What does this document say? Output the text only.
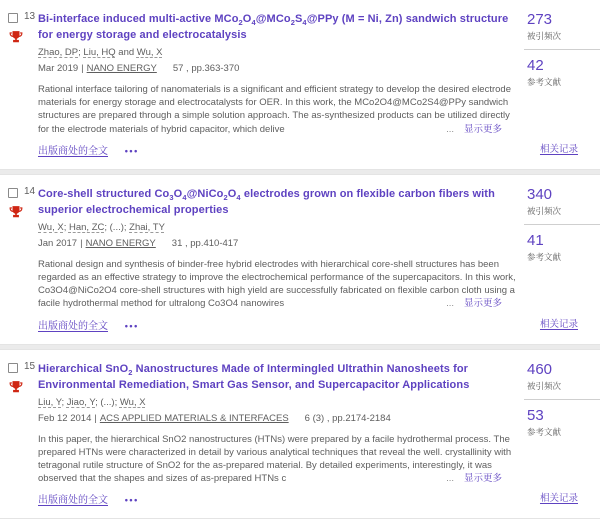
13 Bi-interface induced multi-active $MCo_2O_4@MCo_2S_4@PPy$ (M = Ni, Zn) sandwich structure for energy storage and electrocatalysis
Zhao, DP; Liu, HQ and Wu, X
Mar 2019 | NANO ENERGY 57 , pp.363-370
Rational interface tailoring of nanomaterials is a significant and efficient strategy to develop the desired electrode materials for energy storage and electrocatalysts for OER. In this work, the MCo2O4@MCo2S4@PPy sandwich structures are prepared through a simple solution approach. The as-synthesized products can be utilized directly for the electrode materials of hybrid capacitor, which delive	... 显示更多
出版商处的全文 •••
273
被引频次
42
参考文献
相关记录
14 Core-shell structured $Co_3O_4@NiCo_2O_4$ electrodes grown on flexible carbon fibers with superior electrochemical properties
Wu, X; Han, ZC; (...); Zhai, TY
Jan 2017 | NANO ENERGY 31 , pp.410-417
Rational design and synthesis of binder-free hybrid electrodes with hierarchical core-shell structures has been regarded as an effective strategy to improve the electrochemical performance of the supercapacitors. In this work, Co3O4@NiCo2O4 core-shell structures with high yield are successfully fabricated on flexible carbon cloth using a facile hydrothermal method for ultralong Co3O4 nanowires	... 显示更多
出版商处的全文 •••
340
被引频次
41
参考文献
相关记录
15 Hierarchical SnO$_2$ Nanostructures Made of Intermingled Ultrathin Nanosheets for Environmental Remediation, Smart Gas Sensor, and Supercapacitor Applications
Liu, Y; Jiao, Y; (...); Wu, X
Feb 12 2014 | ACS APPLIED MATERIALS & INTERFACES 6 (3) , pp.2174-2184
In this paper, the hierarchical SnO2 nanostructures (HTNs) were prepared by a facile hydrothermal process. The prepared HTNs were characterized in detail by various analytical techniques that reveal the well. crystallinity with tetragonal rutile structure of SnO2 for the as-prepared material. By detailed experiments, interestingly, it was observed that the shapes and sizes of as-prepared HTNs c	... 显示更多
出版商处的全文 •••
460
被引频次
53
参考文献
相关记录
